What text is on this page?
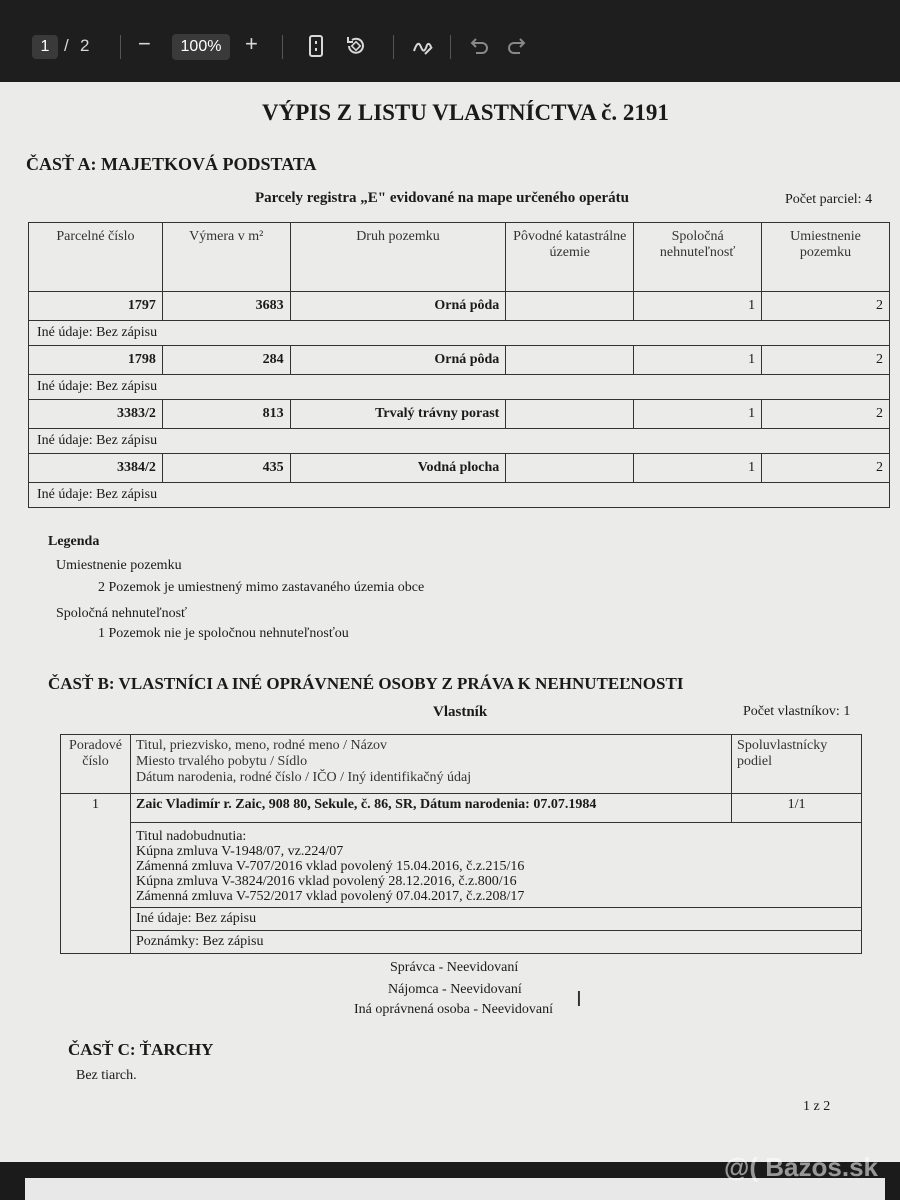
1 / 2 −	100%	+
VÝPIS Z LISTU VLASTNÍCTVA č. 2191
ČASŤ A: MAJETKOVÁ PODSTATA
Parcely registra „E" evidované na mape určeného operátu	Počet parciel: 4
Parcelné číslo	Výmera v m²	Druh pozemku	Pôvodné katastrálne územie	Spoločná nehnuteľnosť	Umiestnenie pozemku
1797	3683	Orná pôda		1	2
Iné údaje: Bez zápisu					
1798	284	Orná pôda		1	2
Iné údaje: Bez zápisu					
3383/2	813	Trvalý trávny porast		1	2
Iné údaje: Bez zápisu					
3384/2	435	Vodná plocha		1	2
Iné údaje: Bez zápisu					
Legenda
Umiestnenie pozemku
2 Pozemok je umiestnený mimo zastavaného územia obce
Spoločná nehnuteľnosť
1 Pozemok nie je spoločnou nehnuteľnosťou
ČASŤ B: VLASTNÍCI A INÉ OPRÁVNENÉ OSOBY Z PRÁVA K NEHNUTEĽNOSTI
Vlastník	Počet vlastníkov: 1
Poradové číslo	Titul, priezvisko, meno, rodné meno / Názov
Miesto trvalého pobytu / Sídlo
Dátum narodenia, rodné číslo / IČO / Iný identifikačný údaj	Spoluvlastnícky podiel
1	Zaic Vladimír r. Zaic, 908 80, Sekule, č. 86, SR, Dátum narodenia: 07.07.1984	1/1

	Titul nadobudnutia:
Kúpna zmluva V-1948/07, vz.224/07
Zámenná zmluva V-707/2016 vklad povolený 15.04.2016, č.z.215/16
Kúpna zmluva V-3824/2016 vklad povolený 28.12.2016, č.z.800/16
Zámenná zmluva V-752/2017 vklad povolený 07.04.2017, č.z.208/17	

	Iné údaje: Bez zápisu	
	Poznámky: Bez zápisu	
Správca - Neevidovaní
Nájomca - Neevidovaní
Iná oprávnená osoba - Neevidovaní Ⅰ
ČASŤ C: ŤARCHY
Bez tiarch.
1 z 2
@( Bazos.sk
